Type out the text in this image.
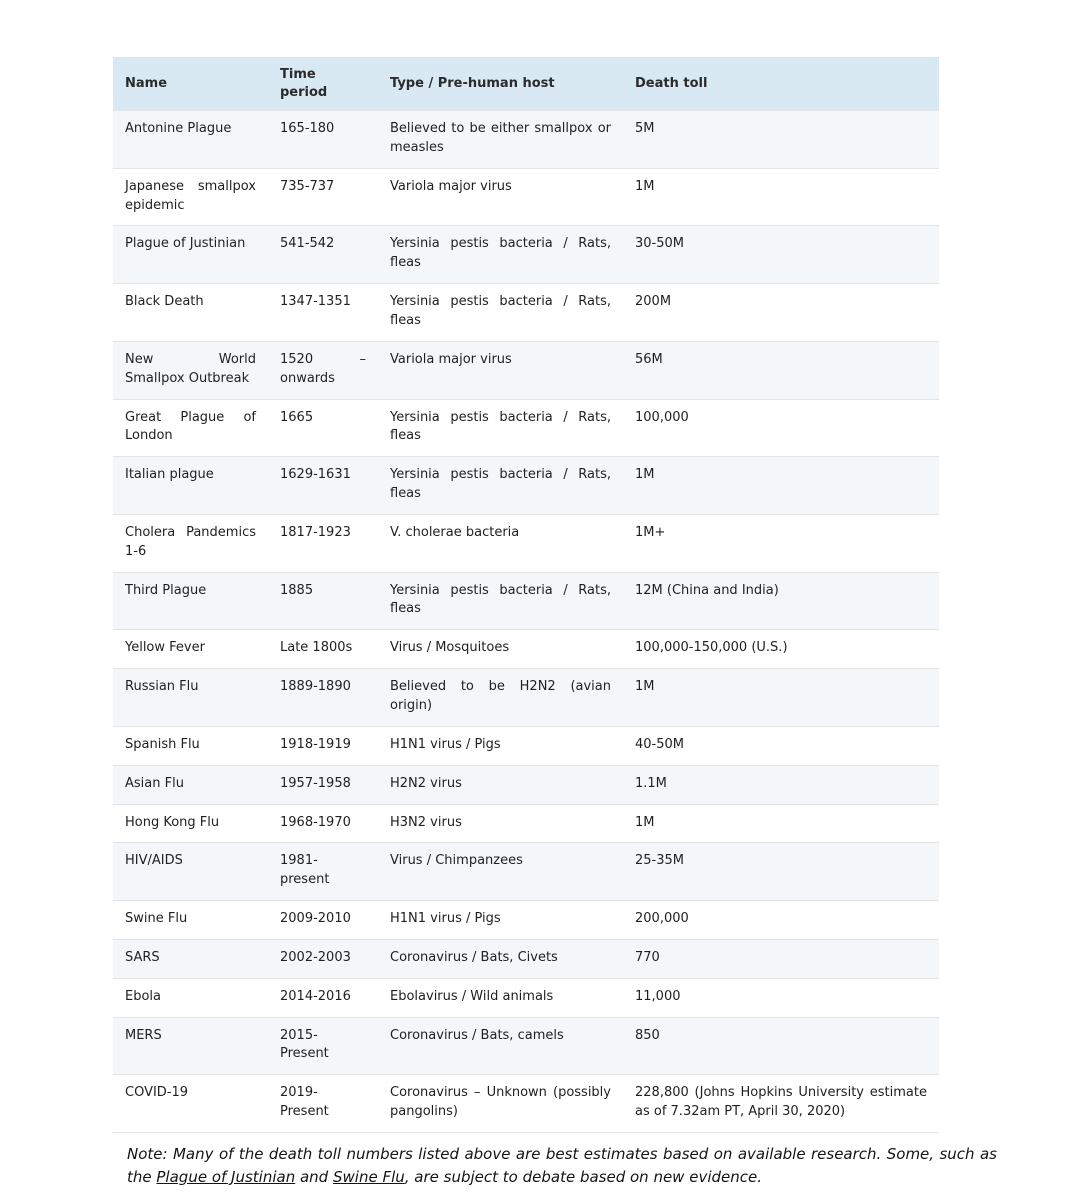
Name	Time period	Type / Pre-human host	Death toll
Antonine Plague	165-180	Believed to be either smallpox or measles	5M
Japanese smallpox epidemic	735-737	Variola major virus	1M
Plague of Justinian	541-542	Yersinia pestis bacteria / Rats, fleas	30-50M
Black Death	1347-1351	Yersinia pestis bacteria / Rats, fleas	200M
New World Smallpox Outbreak	1520 – onwards	Variola major virus	56M
Great Plague of London	1665	Yersinia pestis bacteria / Rats, fleas	100,000
Italian plague	1629-1631	Yersinia pestis bacteria / Rats, fleas	1M
Cholera Pandemics 1-6	1817-1923	V. cholerae bacteria	1M+
Third Plague	1885	Yersinia pestis bacteria / Rats, fleas	12M (China and India)
Yellow Fever	Late 1800s	Virus / Mosquitoes	100,000-150,000 (U.S.)
Russian Flu	1889-1890	Believed to be H2N2 (avian origin)	1M
Spanish Flu	1918-1919	H1N1 virus / Pigs	40-50M
Asian Flu	1957-1958	H2N2 virus	1.1M
Hong Kong Flu	1968-1970	H3N2 virus	1M
HIV/AIDS	1981-present	Virus / Chimpanzees	25-35M
Swine Flu	2009-2010	H1N1 virus / Pigs	200,000
SARS	2002-2003	Coronavirus / Bats, Civets	770
Ebola	2014-2016	Ebolavirus / Wild animals	11,000
MERS	2015-Present	Coronavirus / Bats, camels	850
COVID-19	2019-Present	Coronavirus – Unknown (possibly pangolins)	228,800 (Johns Hopkins University estimate as of 7.32am PT, April 30, 2020)

Note: Many of the death toll numbers listed above are best estimates based on available research. Some, such as the Plague of Justinian and Swine Flu, are subject to debate based on new evidence.
